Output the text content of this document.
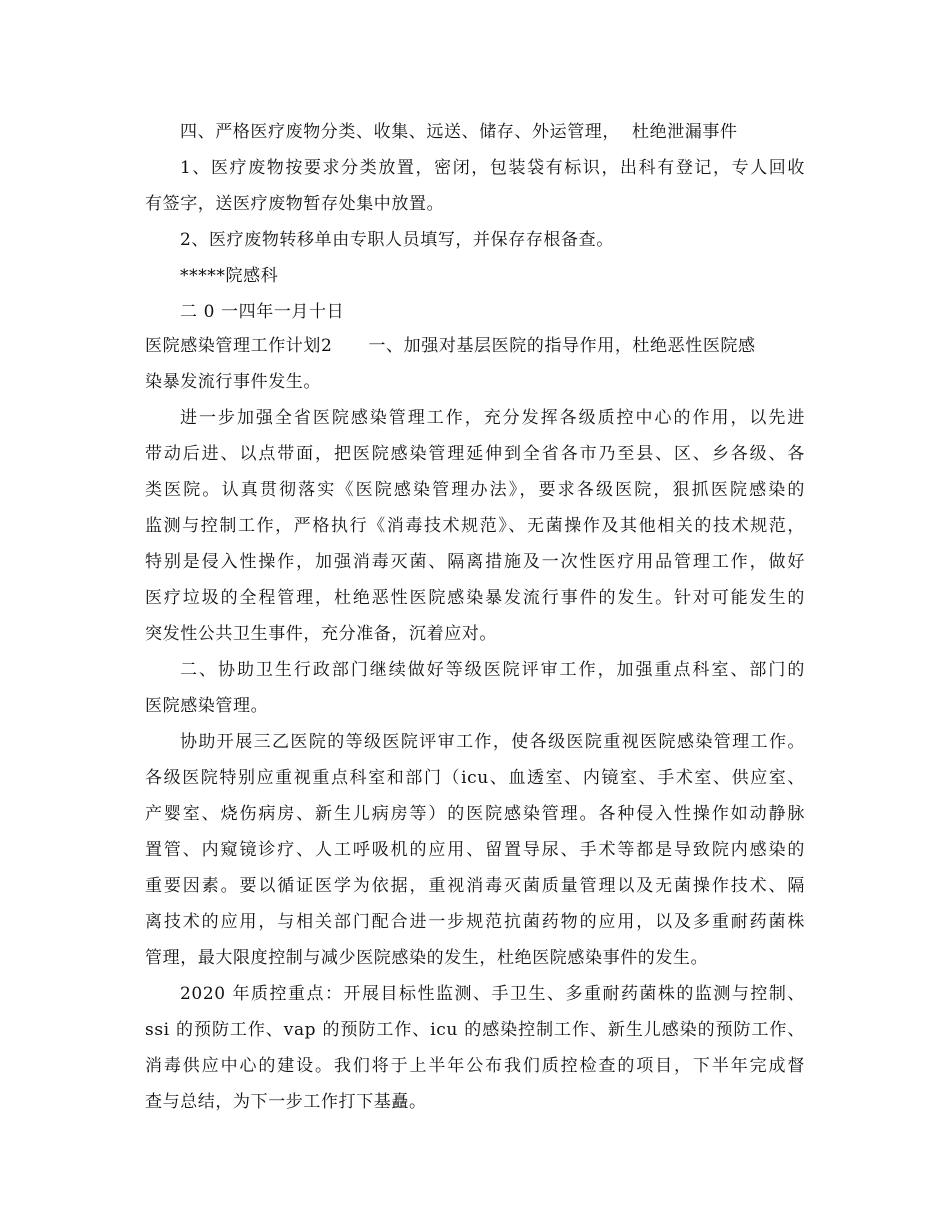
四、严格医疗废物分类、收集、远送、储存、外运管理，  杜绝泄漏事件
1、医疗废物按要求分类放置，密闭，包装袋有标识，出科有登记，专人回收
有签字，送医疗废物暂存处集中放置。
2、医疗废物转移单由专职人员填写，并保存存根备查。
*****院感科
二 0 一四年一月十日
医院感染管理工作计划2      一、加强对基层医院的指导作用，杜绝恶性医院感
染暴发流行事件发生。
进一步加强全省医院感染管理工作，充分发挥各级质控中心的作用，以先进
带动后进、以点带面，把医院感染管理延伸到全省各市乃至县、区、乡各级、各
类医院。认真贯彻落实《医院感染管理办法》，要求各级医院，狠抓医院感染的
监测与控制工作，严格执行《消毒技术规范》、无菌操作及其他相关的技术规范，
特别是侵入性操作，加强消毒灭菌、隔离措施及一次性医疗用品管理工作，做好
医疗垃圾的全程管理，杜绝恶性医院感染暴发流行事件的发生。针对可能发生的
突发性公共卫生事件，充分准备，沉着应对。
二、协助卫生行政部门继续做好等级医院评审工作，加强重点科室、部门的
医院感染管理。
协助开展三乙医院的等级医院评审工作，使各级医院重视医院感染管理工作。
各级医院特别应重视重点科室和部门（icu、血透室、内镜室、手术室、供应室、
产婴室、烧伤病房、新生儿病房等）的医院感染管理。各种侵入性操作如动静脉
置管、内窥镜诊疗、人工呼吸机的应用、留置导尿、手术等都是导致院内感染的
重要因素。要以循证医学为依据，重视消毒灭菌质量管理以及无菌操作技术、隔
离技术的应用，与相关部门配合进一步规范抗菌药物的应用，以及多重耐药菌株
管理，最大限度控制与减少医院感染的发生，杜绝医院感染事件的发生。
2020 年质控重点：开展目标性监测、手卫生、多重耐药菌株的监测与控制、
ssi 的预防工作、vap 的预防工作、icu 的感染控制工作、新生儿感染的预防工作、
消毒供应中心的建设。我们将于上半年公布我们质控检查的项目，下半年完成督
查与总结，为下一步工作打下基矗。
